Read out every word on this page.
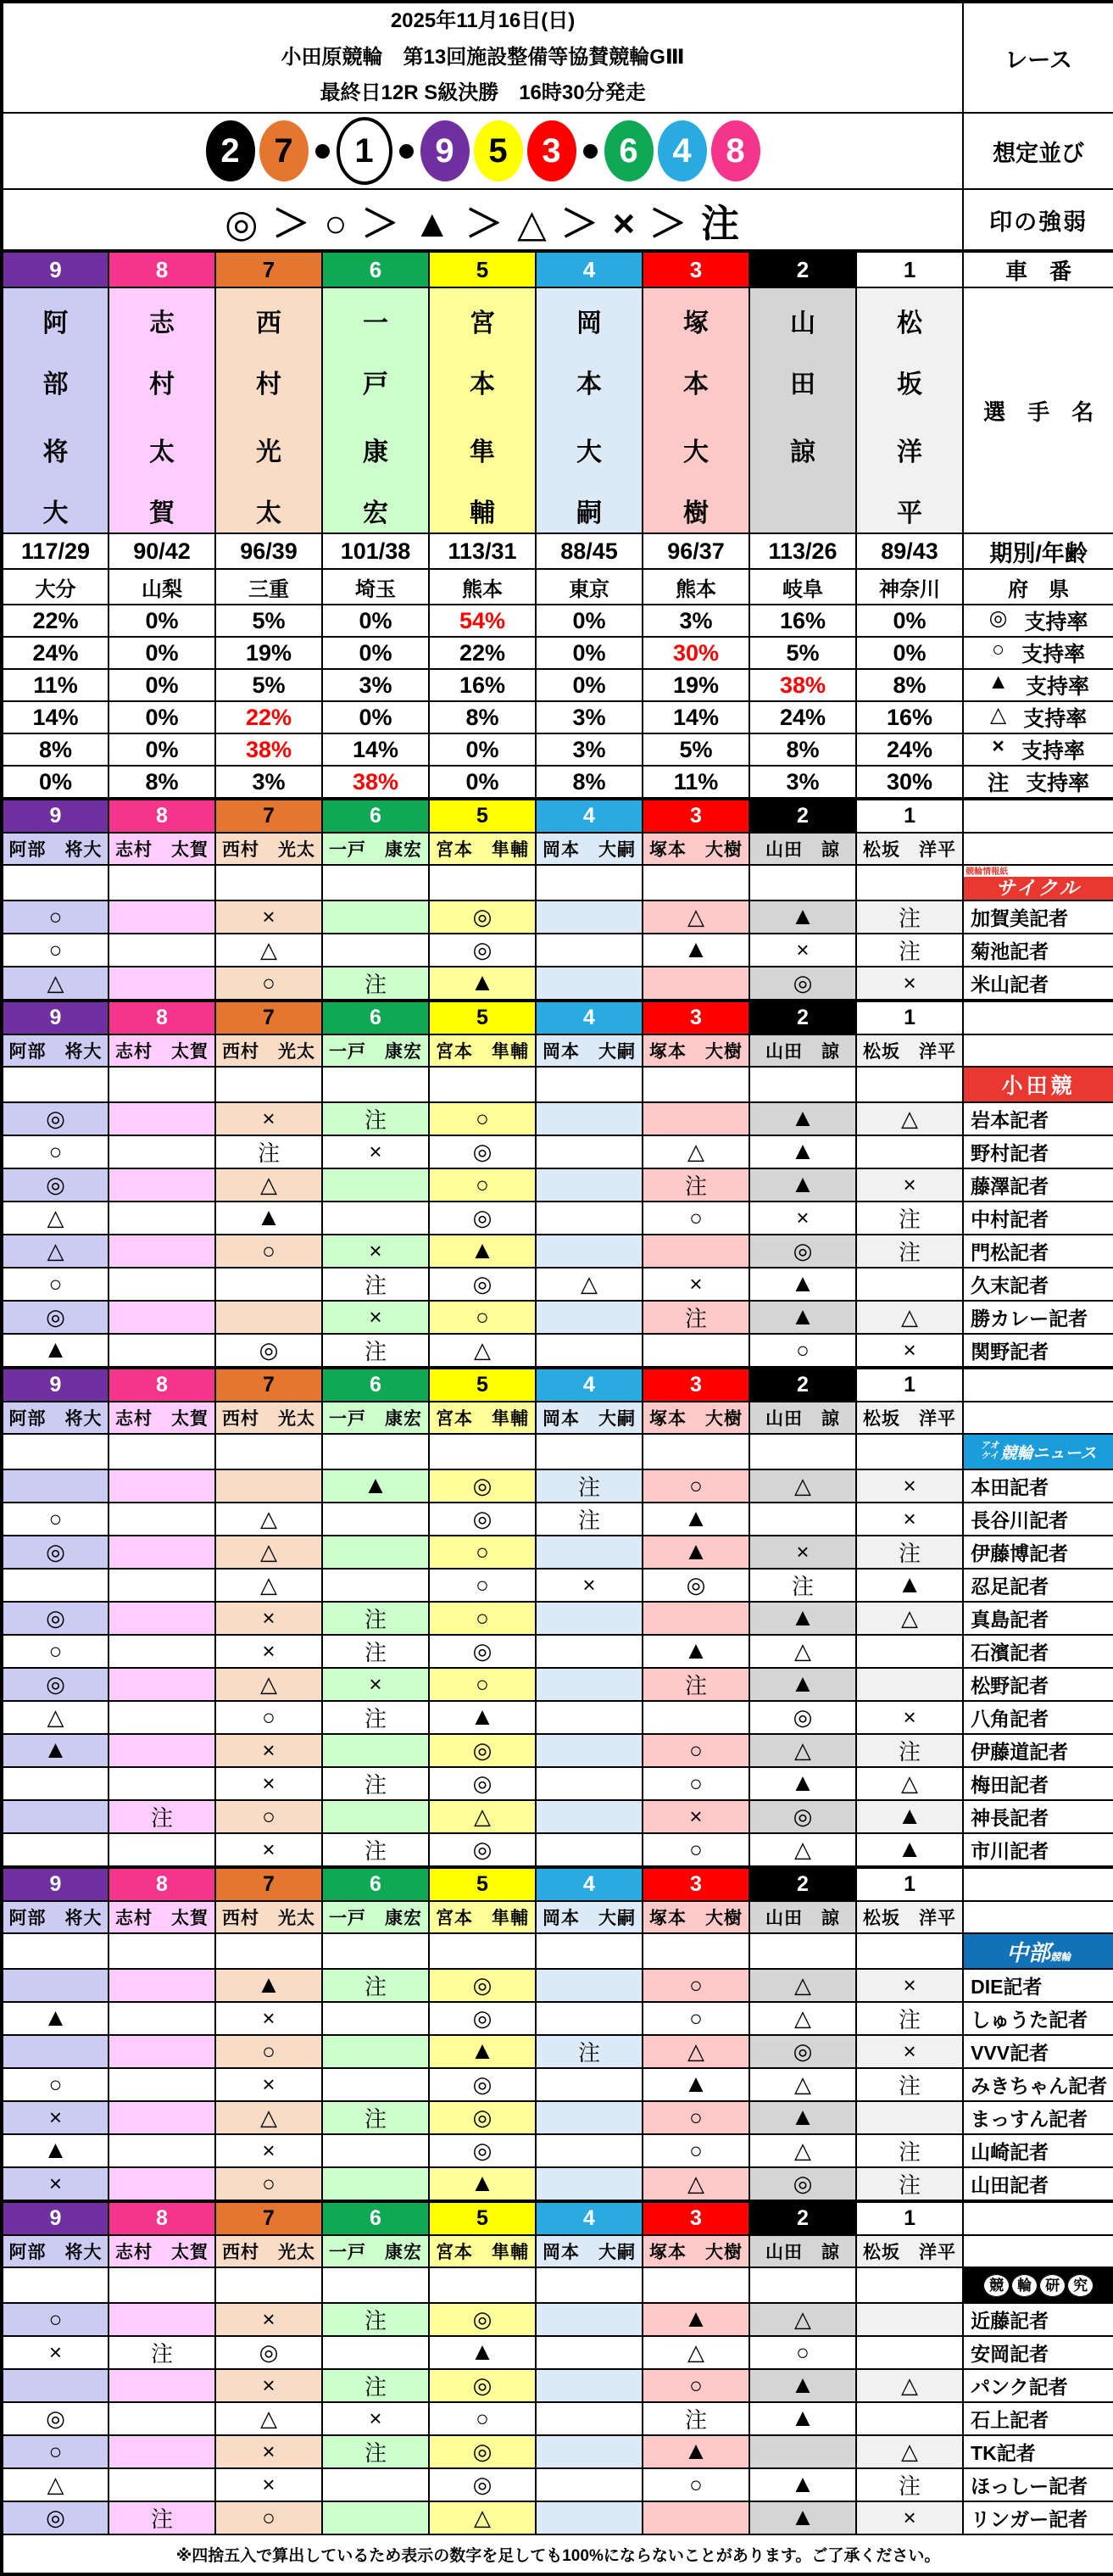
2025年11月16日(日)
小田原競輪　第13回施設整備等協賛競輪GⅢ
最終日12R S級決勝　16時30分発走									レース

2	7	1	9	5	3	6	4	8	想定並び
◎ ＞ ○ ＞ ▲ ＞ △ ＞ × ＞ 注									印の強弱
9	8	7	6	5	4	3	2	1	車　番

阿
部
将
大

志
村
太
賀

西
村
光
太

一
戸
康
宏

宮
本
隼
輔

岡
本
大
嗣

塚
本
大
樹

山
田
諒

松
坂
洋
平
	選　手　名
117/29	90/42	96/39	101/38	113/31	88/45	96/37	113/26	89/43	期別/年齢
大分	山梨	三重	埼玉	熊本	東京	熊本	岐阜	神奈川	府　県
22%	0%	5%	0%	54%	0%	3%	16%	0%	◎ 支持率

24%	0%	19%	0%	22%	0%	30%	5%	0%	○ 支持率

11%	0%	5%	3%	16%	0%	19%	38%	8%	▲ 支持率

14%	0%	22%	0%	8%	3%	14%	24%	16%	△ 支持率

8%	0%	38%	14%	0%	3%	5%	8%	24%	× 支持率

0%	8%	3%	38%	0%	8%	11%	3%	30%	注 支持率

9	8	7	6	5	4	3	2	1	
阿部　将大	志村　太賀	西村　光太	一戸　康宏	宮本　隼輔	岡本　大嗣	塚本　大樹	山田　諒	松坂　洋平	

									競輪情報紙
サイクル

○		×		◎		△	▲	注	加賀美記者
○		△		◎		▲	×	注	菊池記者
△		○	注	▲			◎	×	米山記者
9	8	7	6	5	4	3	2	1	
阿部　将大	志村　太賀	西村　光太	一戸　康宏	宮本　隼輔	岡本　大嗣	塚本　大樹	山田　諒	松坂　洋平	

小田競

◎		×	注	○			▲	△	岩本記者
○		注	×	◎		△	▲		野村記者
◎		△		○		注	▲	×	藤澤記者
△		▲		◎		○	×	注	中村記者
△		○	×	▲			◎	注	門松記者
○			注	◎	△	×	▲		久末記者
◎			×	○		注	▲	△	勝カレー記者
▲		◎	注	△			○	×	関野記者
9	8	7	6	5	4	3	2	1	
阿部　将大	志村　太賀	西村　光太	一戸　康宏	宮本　隼輔	岡本　大嗣	塚本　大樹	山田　諒	松坂　洋平	

									アオ
ケイ 競輪ニュース

			▲	◎	注	○	△	×	本田記者
○		△		◎	注	▲		×	長谷川記者
◎		△		○		▲	×	注	伊藤博記者
		△		○	×	◎	注	▲	忍足記者
◎		×	注	○			▲	△	真島記者
○		×	注	◎		▲	△		石濱記者
◎		△	×	○		注	▲		松野記者
△		○	注	▲			◎	×	八角記者
▲		×		◎		○	△	注	伊藤道記者
		×	注	◎		○	▲	△	梅田記者
	注	○		△		×	◎	▲	神長記者
		×	注	◎		○	△	▲	市川記者
9	8	7	6	5	4	3	2	1	
阿部　将大	志村　太賀	西村　光太	一戸　康宏	宮本　隼輔	岡本　大嗣	塚本　大樹	山田　諒	松坂　洋平	

									中部 競輪

		▲	注	◎		○	△	×	DIE記者
▲		×		◎		○	△	注	しゅうた記者
		○		▲	注	△	◎	×	VVV記者
○		×		◎		▲	△	注	みきちゃん記者
×		△	注	◎		○	▲		まっすん記者
▲		×		◎		○	△	注	山崎記者
×		○		▲		△	◎	注	山田記者
9	8	7	6	5	4	3	2	1	
阿部　将大	志村　太賀	西村　光太	一戸　康宏	宮本　隼輔	岡本　大嗣	塚本　大樹	山田　諒	松坂　洋平	

									競 輪 研 究

○		×	注	◎		▲	△		近藤記者
×	注	◎		▲		△	○		安岡記者
		×	注	◎		○	▲	△	パンク記者
◎		△	×	○		注	▲		石上記者
○		×	注	◎		▲		△	TK記者
△		×		◎		○	▲	注	ほっしー記者
◎	注	○		△			▲	×	リンガー記者
※四捨五入で算出しているため表示の数字を足しても100%にならないことがあります。ご了承ください。									
